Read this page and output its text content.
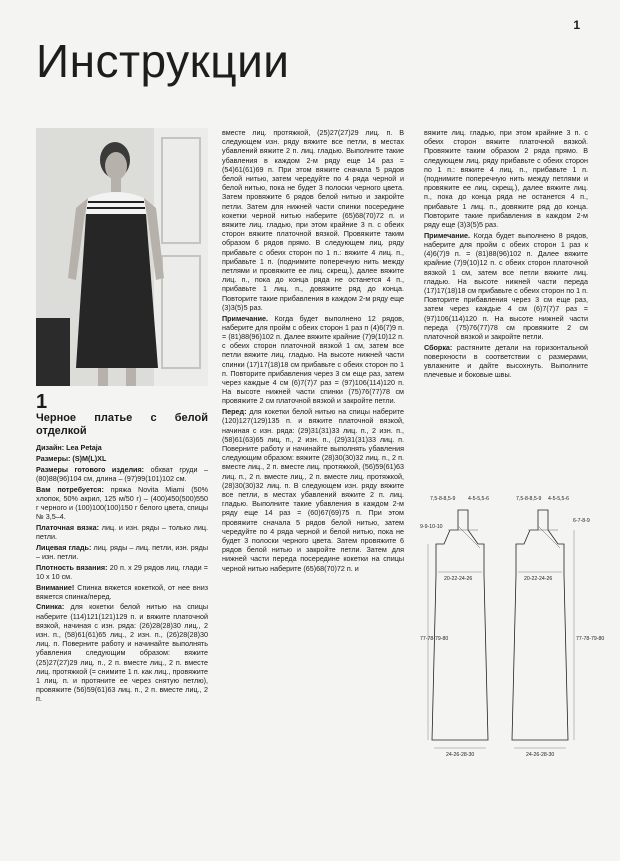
1
Инструкции
1
Черное платье с белой отделкой

Дизайн: Lea Petaja

Размеры: (S)M(L)XL

Размеры готового изделия: обхват груди – (80)88(96)104 см, длина – (97)99(101)102 см.

Вам потребуется: пряжа Novita Miami (50% хлопок, 50% акрил, 125 м/50 г) – (400)450(500)550 г черного и (100)100(100)150 г белого цвета, спицы № 3,5–4.

Платочная вязка: лиц. и изн. ряды – только лиц. петли.

Лицевая гладь: лиц. ряды – лиц. петли, изн. ряды – изн. петли.

Плотность вязания: 20 п. x 29 рядов лиц. глади = 10 x 10 см.

Внимание! Спинка вяжется кокеткой, от нее вниз вяжется спинка/перед.

Спинка: для кокетки белой нитью на спицы наберите (114)121(121)129 п. и вяжите платочной вязкой, начиная с изн. ряда: (26)28(28)30 лиц., 2 изн. п., (58)61(61)65 лиц., 2 изн. п., (26)28(28)30 лиц. п. Поверните работу и начинайте выполнять убавления следующим образом: вяжите (25)27(27)29 лиц. п., 2 п. вместе лиц., 2 п. вместе лиц. протяжкой (= снимите 1 п. как лиц., провяжите 1 лиц. п. и протяните ее через снятую петлю), провяжите (56)59(61)63 лиц. п., 2 п. вместе лиц., 2 п.

вместе лиц. протяжкой, (25)27(27)29 лиц. п. В следующем изн. ряду вяжите все петли, в местах убавлений вяжите 2 п. лиц. гладью. Выполните такие убавления в каждом 2-м ряду еще 14 раз = (54)61(61)69 п. При этом вяжите сначала 5 рядов белой нитью, затем чередуйте по 4 ряда черной и белой нитью, пока не будет 3 полоски черного цвета. Затем провяжите 6 рядов белой нитью и закройте петли. Затем для нижней части спинки посередине кокетки черной нитью наберите (65)68(70)72 п. и вяжите лиц. гладью, при этом крайние 3 п. с обеих сторон вяжите платочной вязкой. Провяжите таким образом 6 рядов прямо. В следующем лиц. ряду прибавьте с обеих сторон по 1 п.: вяжите 4 лиц. п., прибавьте 1 п. (поднимите поперечную нить между петлями и провяжите ее лиц. скрещ.), далее вяжите лиц. п., пока до конца ряда не останется 4 п., прибавьте 1 лиц. п., довяжите ряд до конца. Повторите такие прибавления в каждом 2-м ряду еще (3)3(5)5 раз.

Примечание. Когда будет выполнено 12 рядов, наберите для пройм с обеих сторон 1 раз п (4)6(7)9 п. = (81)88(96)102 п. Далее вяжите крайние (7)9(10)12 п. с обеих сторон платочной вязкой 1 см, затем все петли вяжите лиц. гладью. На высоте нижней части спинки (17)17(18)18 см прибавьте с обеих сторон по 1 п. Повторите прибавления через 3 см еще раз, затем через каждые 4 см (6)7(7)7 раз = (97)106(114)120 п. На высоте нижней части спинки (75)76(77)78 см провяжите 2 см платочной вязкой и закройте петли.

Перед: для кокетки белой нитью на спицы наберите (120)127(129)135 п. и вяжите платочной вязкой, начиная с изн. ряда: (29)31(31)33 лиц. п., 2 изн. п., (58)61(63)65 лиц. п., 2 изн. п., (29)31(31)33 лиц. п. Поверните работу и начинайте выполнять убавления следующим образом: вяжите (28)30(30)32 лиц. п., 2 п. вместе лиц., 2 п. вместе лиц. протяжкой, (56)59(61)63 лиц. п., 2 п. вместе лиц., 2 п. вместе лиц. протяжкой, (28)30(30)32 лиц. п. В следующем изн. ряду вяжите все петли, в местах убавлений вяжите 2 п. лиц. гладью. Выполните такие убавления в каждом 2-м ряду еще 14 раз = (60)67(69)75 п. При этом провяжите сначала 5 рядов белой нитью, затем чередуйте по 4 ряда черной и белой нитью, пока не будет 3 полоски черного цвета. Затем провяжите 6 рядов белой нитью и закройте петли. Затем для нижней части переда посередине кокетки на спицы черной нитью наберите (65)68(70)72 п. и

вяжите лиц. гладью, при этом крайние 3 п. с обеих сторон вяжите платочной вязкой. Провяжите таким образом 2 ряда прямо. В следующем лиц. ряду прибавьте с обеих сторон по 1 п.: вяжите 4 лиц. п., прибавьте 1 п. (поднимите поперечную нить между петлями и провяжите ее лиц. скрещ.), далее вяжите лиц. п., пока до конца ряда не останется 4 п., прибавьте 1 лиц. п., довяжите ряд до конца. Повторите такие прибавления в каждом 2-м ряду еще (3)3(5)5 раз.

Примечание. Когда будет выполнено 8 рядов, наберите для пройм с обеих сторон 1 раз к (4)6(7)9 п. = (81)88(96)102 п. Далее вяжите крайние (7)9(10)12 п. с обеих сторон платочной вязкой 1 см, затем все петли вяжите лиц. гладью. На высоте нижней части переда (17)17(18)18 см прибавьте с обеих сторон по 1 п. Повторите прибавления через 3 см еще раз, затем через каждые 4 см (6)7(7)7 раз = (97)106(114)120 п. На высоте нижней части переда (75)76(77)78 см провяжите 2 см платочной вязкой и закройте петли.

Сборка: растяните детали на горизонтальной поверхности в соответствии с размерами, увлажните и дайте высохнуть. Выполните плечевые и боковые швы.

7,5-8-8,5-9 4-5-5,5-6
9-9-10-10
20-22-24-26
77-78-79-80
24-26-28-30
7,5-8-8,5-9 4-5-5,5-6
6-7-8-9
20-22-24-26
77-78-79-80
24-26-28-30
